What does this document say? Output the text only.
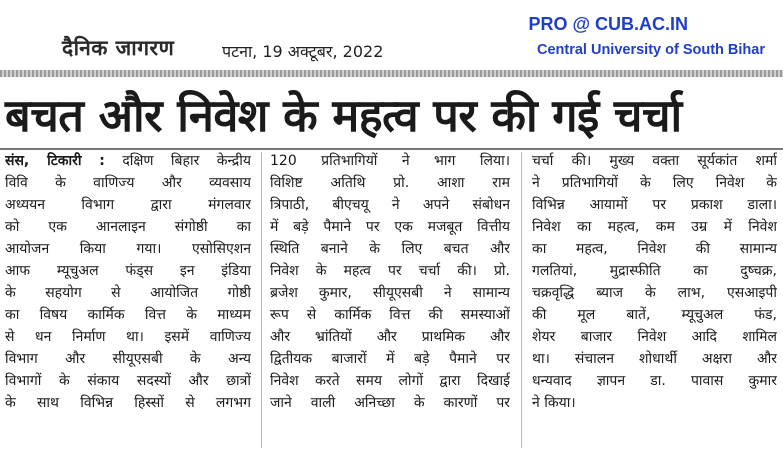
दैनिक जागरण	पटना, 19 अक्टूबर, 2022
PRO @ CUB.AC.IN
Central University of South Bihar
बचत और निवेश के महत्व पर की गई चर्चा
संस, टिकारी : दक्षिण बिहार केन्द्रीय
विवि के वाणिज्य और व्यवसाय
अध्ययन विभाग द्वारा मंगलवार
को एक आनलाइन संगोष्ठी का
आयोजन किया गया। एसोसिएशन
आफ म्यूचुअल फंड्स इन इंडिया
के सहयोग से आयोजित गोष्ठी
का विषय कार्मिक वित्त के माध्यम
से धन निर्माण था। इसमें वाणिज्य
विभाग और सीयूएसबी के अन्य
विभागों के संकाय सदस्यों और छात्रों
के साथ विभिन्न हिस्सों से लगभग
120 प्रतिभागियों ने भाग लिया।
विशिष्ट अतिथि प्रो. आशा राम
त्रिपाठी, बीएचयू ने अपने संबोधन
में बड़े पैमाने पर एक मजबूत वित्तीय
स्थिति बनाने के लिए बचत और
निवेश के महत्व पर चर्चा की। प्रो.
ब्रजेश कुमार, सीयूएसबी ने सामान्य
रूप से कार्मिक वित्त की समस्याओं
और भ्रांतियों और प्राथमिक और
द्वितीयक बाजारों में बड़े पैमाने पर
निवेश करते समय लोगों द्वारा दिखाई
जाने वाली अनिच्छा के कारणों पर
चर्चा की। मुख्य वक्ता सूर्यकांत शर्मा
ने प्रतिभागियों के लिए निवेश के
विभिन्न आयामों पर प्रकाश डाला।
निवेश का महत्व, कम उम्र में निवेश
का महत्व, निवेश की सामान्य
गलतियां, मुद्रास्फीति का दुष्चक्र,
चक्रवृद्धि ब्याज के लाभ, एसआइपी
की मूल बातें, म्यूचुअल फंड,
शेयर बाजार निवेश आदि शामिल
था। संचालन शोधार्थी अक्षरा और
धन्यवाद ज्ञापन डा. पावास कुमार
ने किया।
